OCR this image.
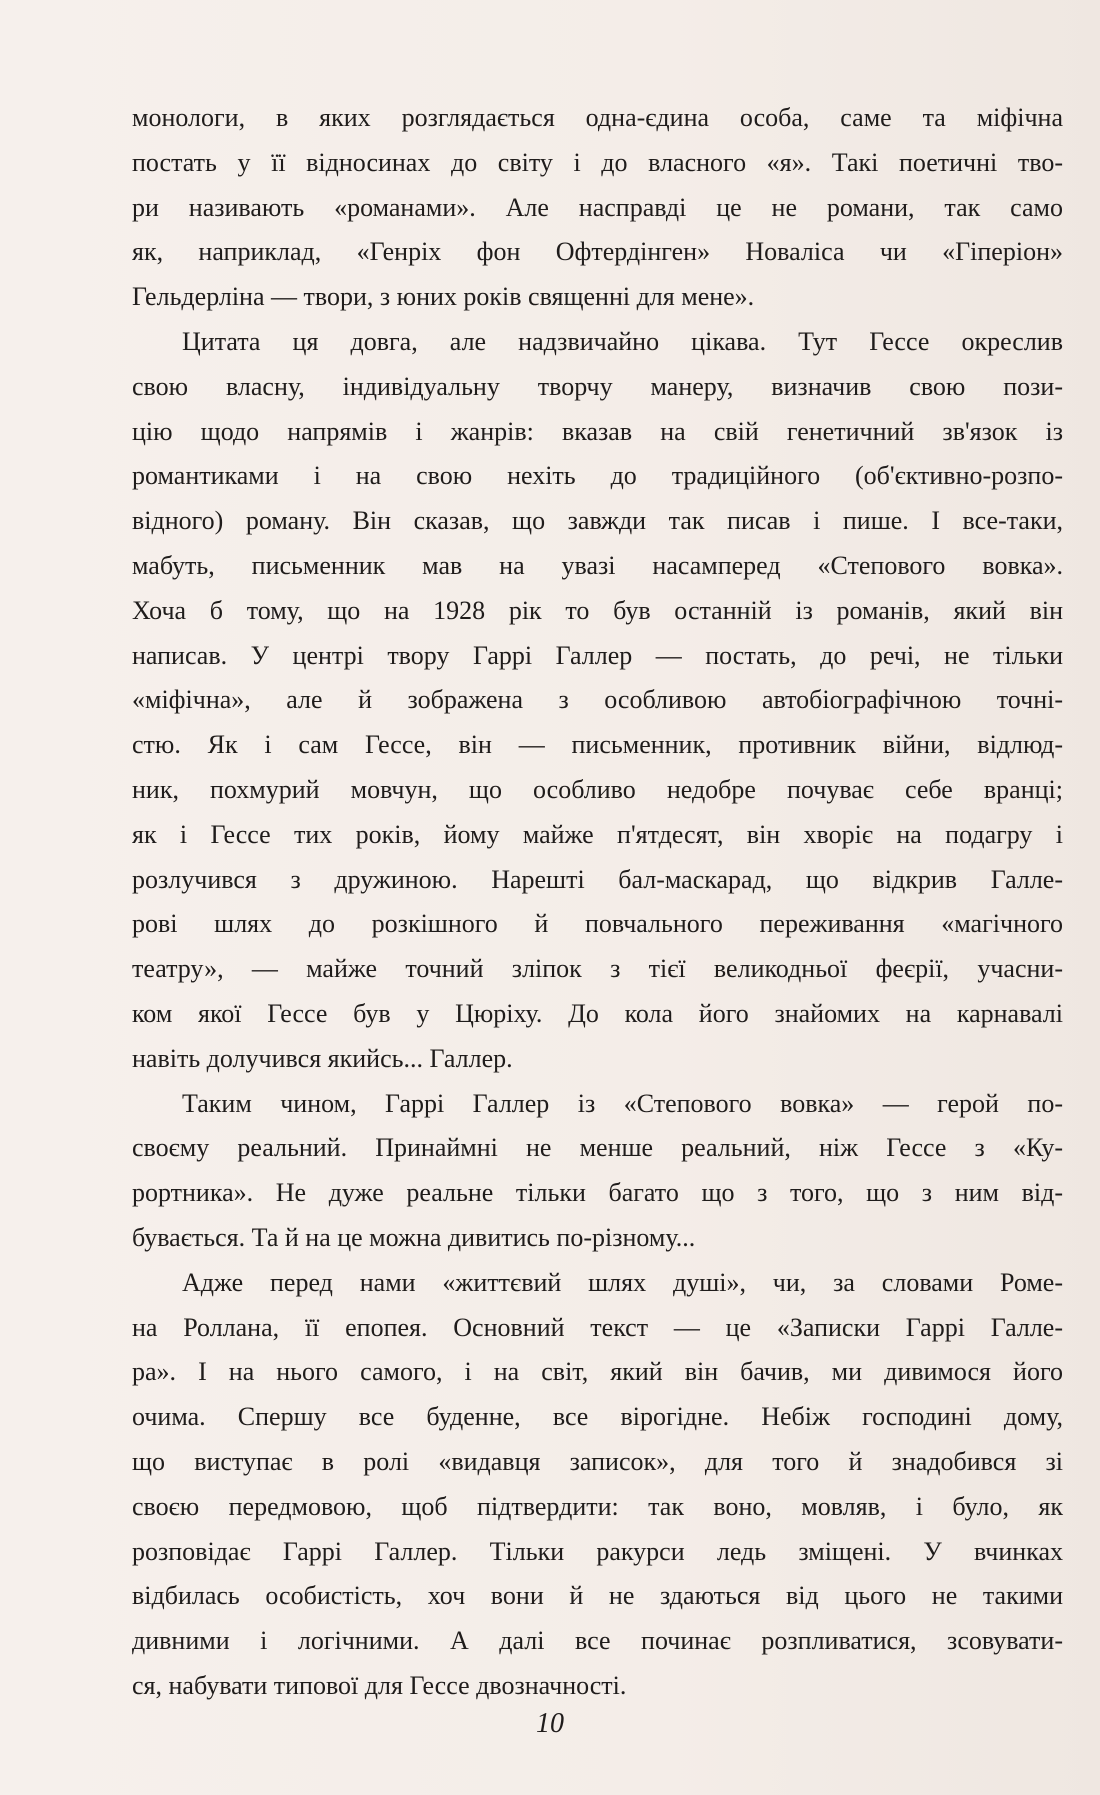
монологи, в яких розглядається одна-єдина особа, саме та міфічна
постать у її відносинах до світу і до власного «я». Такі поетичні тво-
ри називають «романами». Але насправді це не романи, так само
як, наприклад, «Генріх фон Офтердінген» Новаліса чи «Гіперіон»
Гельдерліна — твори, з юних років священні для мене».
Цитата ця довга, але надзвичайно цікава. Тут Гессе окреслив
свою власну, індивідуальну творчу манеру, визначив свою пози-
цію щодо напрямів і жанрів: вказав на свій генетичний зв'язок із
романтиками і на свою нехіть до традиційного (об'єктивно-розпо-
відного) роману. Він сказав, що завжди так писав і пише. І все-таки,
мабуть, письменник мав на увазі насамперед «Степового вовка».
Хоча б тому, що на 1928 рік то був останній із романів, який він
написав. У центрі твору Гаррі Галлер — постать, до речі, не тільки
«міфічна», але й зображена з особливою автобіографічною точні-
стю. Як і сам Гессе, він — письменник, противник війни, відлюд-
ник, похмурий мовчун, що особливо недобре почуває себе вранці;
як і Гессе тих років, йому майже п'ятдесят, він хворіє на подагру і
розлучився з дружиною. Нарешті бал-маскарад, що відкрив Галле-
рові шлях до розкішного й повчального переживання «магічного
театру», — майже точний зліпок з тієї великодньої феєрії, учасни-
ком якої Гессе був у Цюріху. До кола його знайомих на карнавалі
навіть долучився якийсь... Галлер.
Таким чином, Гаррі Галлер із «Степового вовка» — герой по-
своєму реальний. Принаймні не менше реальний, ніж Гессе з «Ку-
рортника». Не дуже реальне тільки багато що з того, що з ним від-
бувається. Та й на це можна дивитись по-різному...
Адже перед нами «життєвий шлях душі», чи, за словами Роме-
на Роллана, її епопея. Основний текст — це «Записки Гаррі Галле-
ра». І на нього самого, і на світ, який він бачив, ми дивимося його
очима. Спершу все буденне, все вірогідне. Небіж господині дому,
що виступає в ролі «видавця записок», для того й знадобився зі
своєю передмовою, щоб підтвердити: так воно, мовляв, і було, як
розповідає Гаррі Галлер. Тільки ракурси ледь зміщені. У вчинках
відбилась особистість, хоч вони й не здаються від цього не такими
дивними і логічними. А далі все починає розпливатися, зсовувати-
ся, набувати типової для Гессе двозначності.
10
